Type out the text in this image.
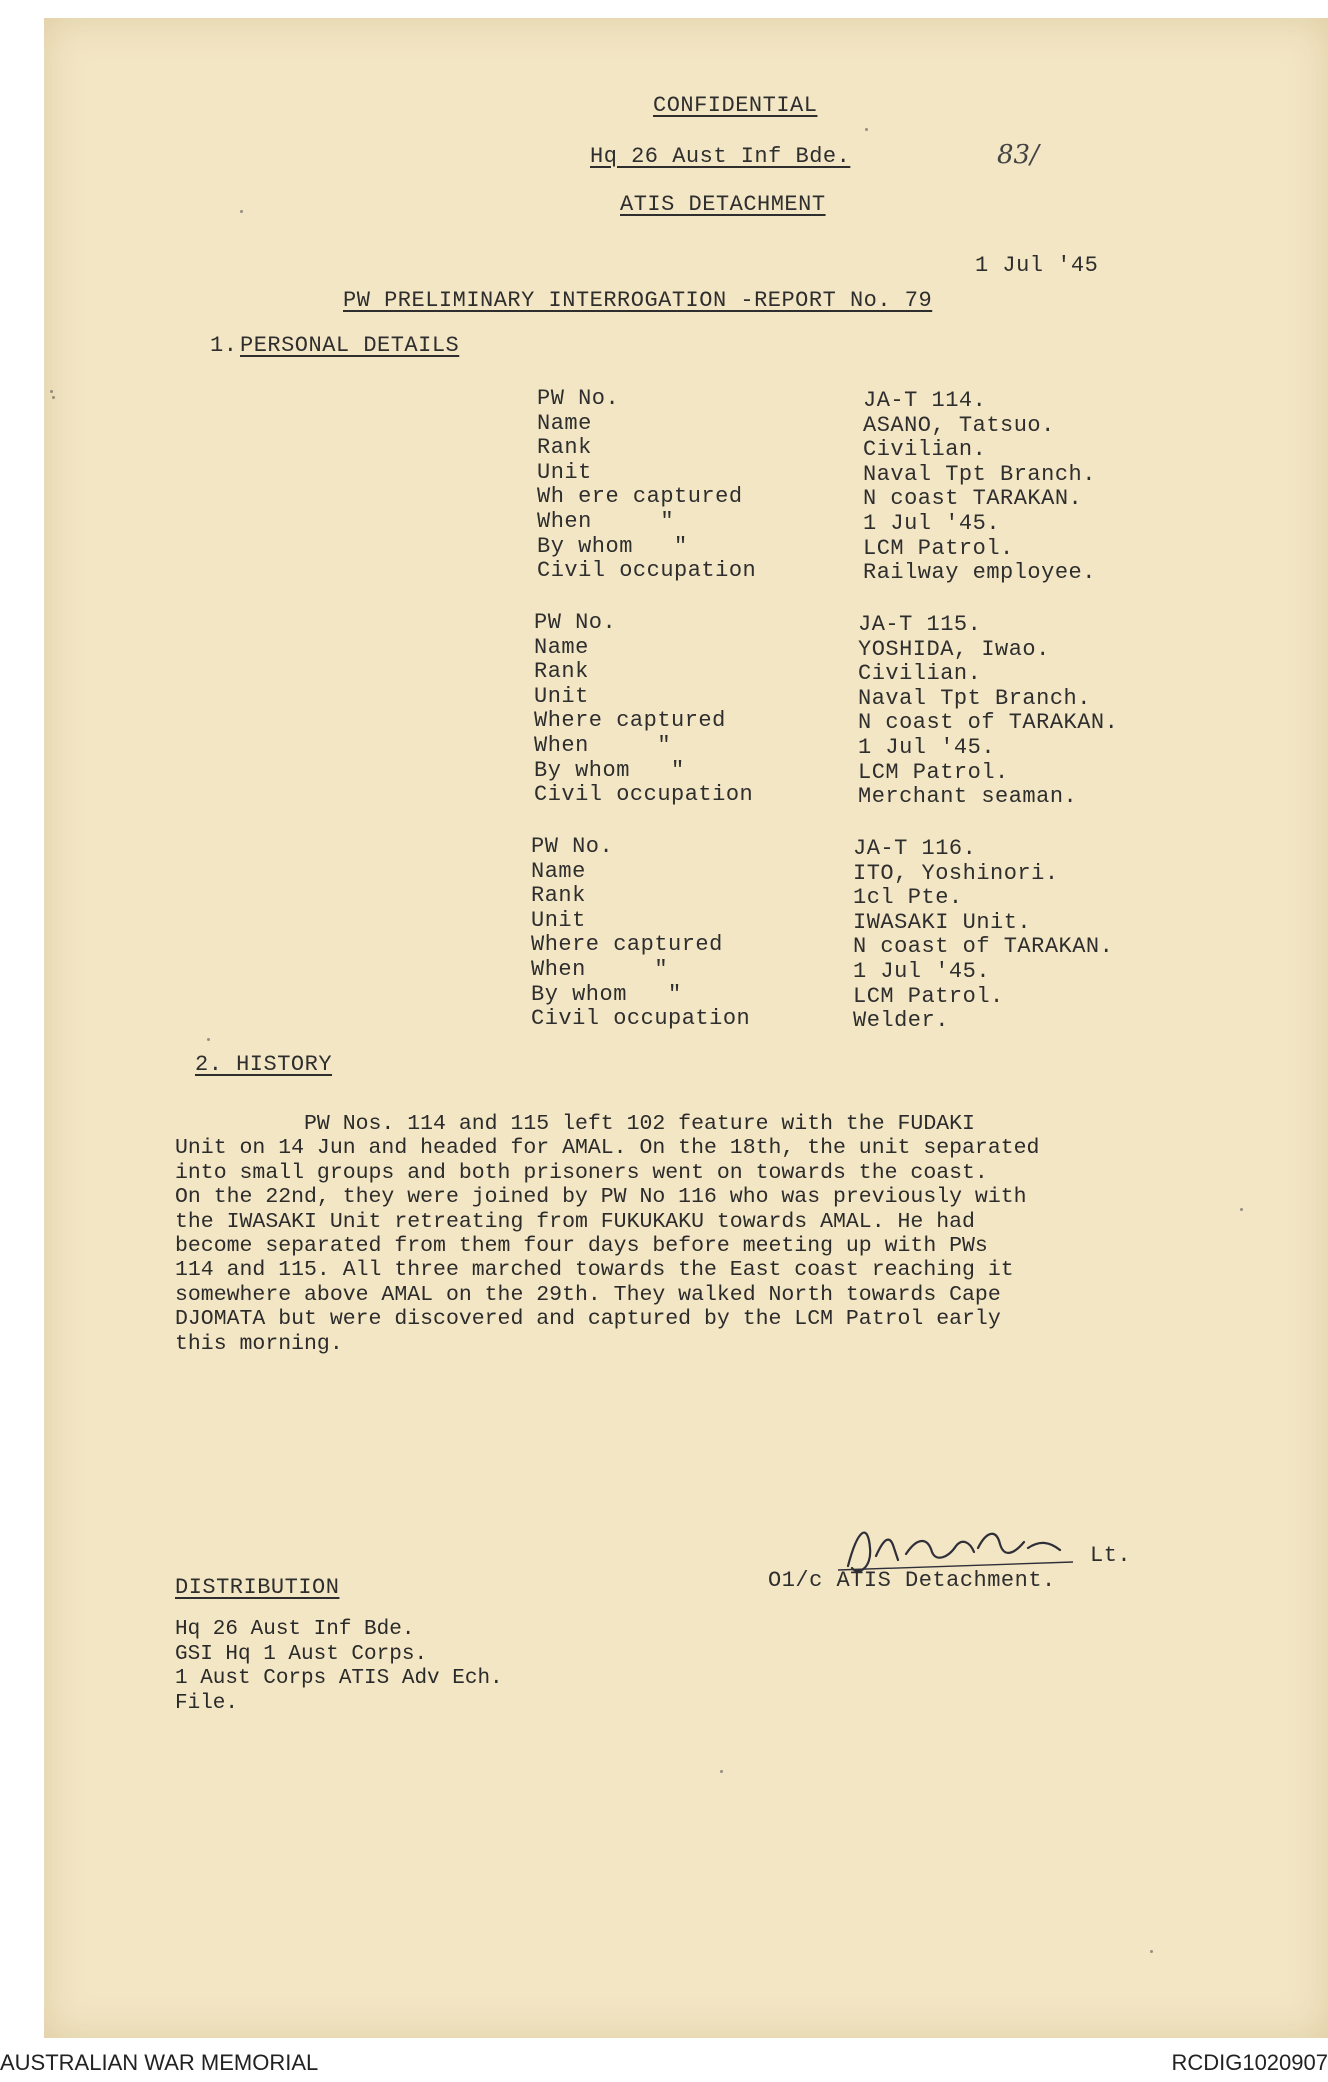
CONFIDENTIAL
Hq 26 Aust Inf Bde.	83/
ATIS DETACHMENT
1 Jul '45
PW PRELIMINARY INTERROGATION -REPORT No. 79
1. PERSONAL DETAILS
PW No.
Name
Rank
Unit
Wh ere captured
When     "
By whom   "
Civil occupation
JA-T 114.
ASANO, Tatsuo.
Civilian.
Naval Tpt Branch.
N coast TARAKAN.
1 Jul '45.
LCM Patrol.
Railway employee.
PW No.
Name
Rank
Unit
Where captured
When     "
By whom   "
Civil occupation
JA-T 115.
YOSHIDA, Iwao.
Civilian.
Naval Tpt Branch.
N coast of TARAKAN.
1 Jul '45.
LCM Patrol.
Merchant seaman.
PW No.
Name
Rank
Unit
Where captured
When     "
By whom   "
Civil occupation
JA-T 116.
ITO, Yoshinori.
1cl Pte.
IWASAKI Unit.
N coast of TARAKAN.
1 Jul '45.
LCM Patrol.
Welder.
2. HISTORY
PW Nos. 114 and 115 left 102 feature with the FUDAKI
Unit on 14 Jun and headed for AMAL. On the 18th, the unit separated
into small groups and both prisoners went on towards the coast.
On the 22nd, they were joined by PW No 116 who was previously with
the IWASAKI Unit retreating from FUKUKAKU towards AMAL. He had
become separated from them four days before meeting up with PWs
114 and 115. All three marched towards the East coast reaching it
somewhere above AMAL on the 29th. They walked North towards Cape
DJOMATA but were discovered and captured by the LCM Patrol early
this morning.
Lt.
O1/c ATIS Detachment.
DISTRIBUTION
Hq 26 Aust Inf Bde.
GSI Hq 1 Aust Corps.
1 Aust Corps ATIS Adv Ech.
File.
AUSTRALIAN WAR MEMORIAL	RCDIG1020907
